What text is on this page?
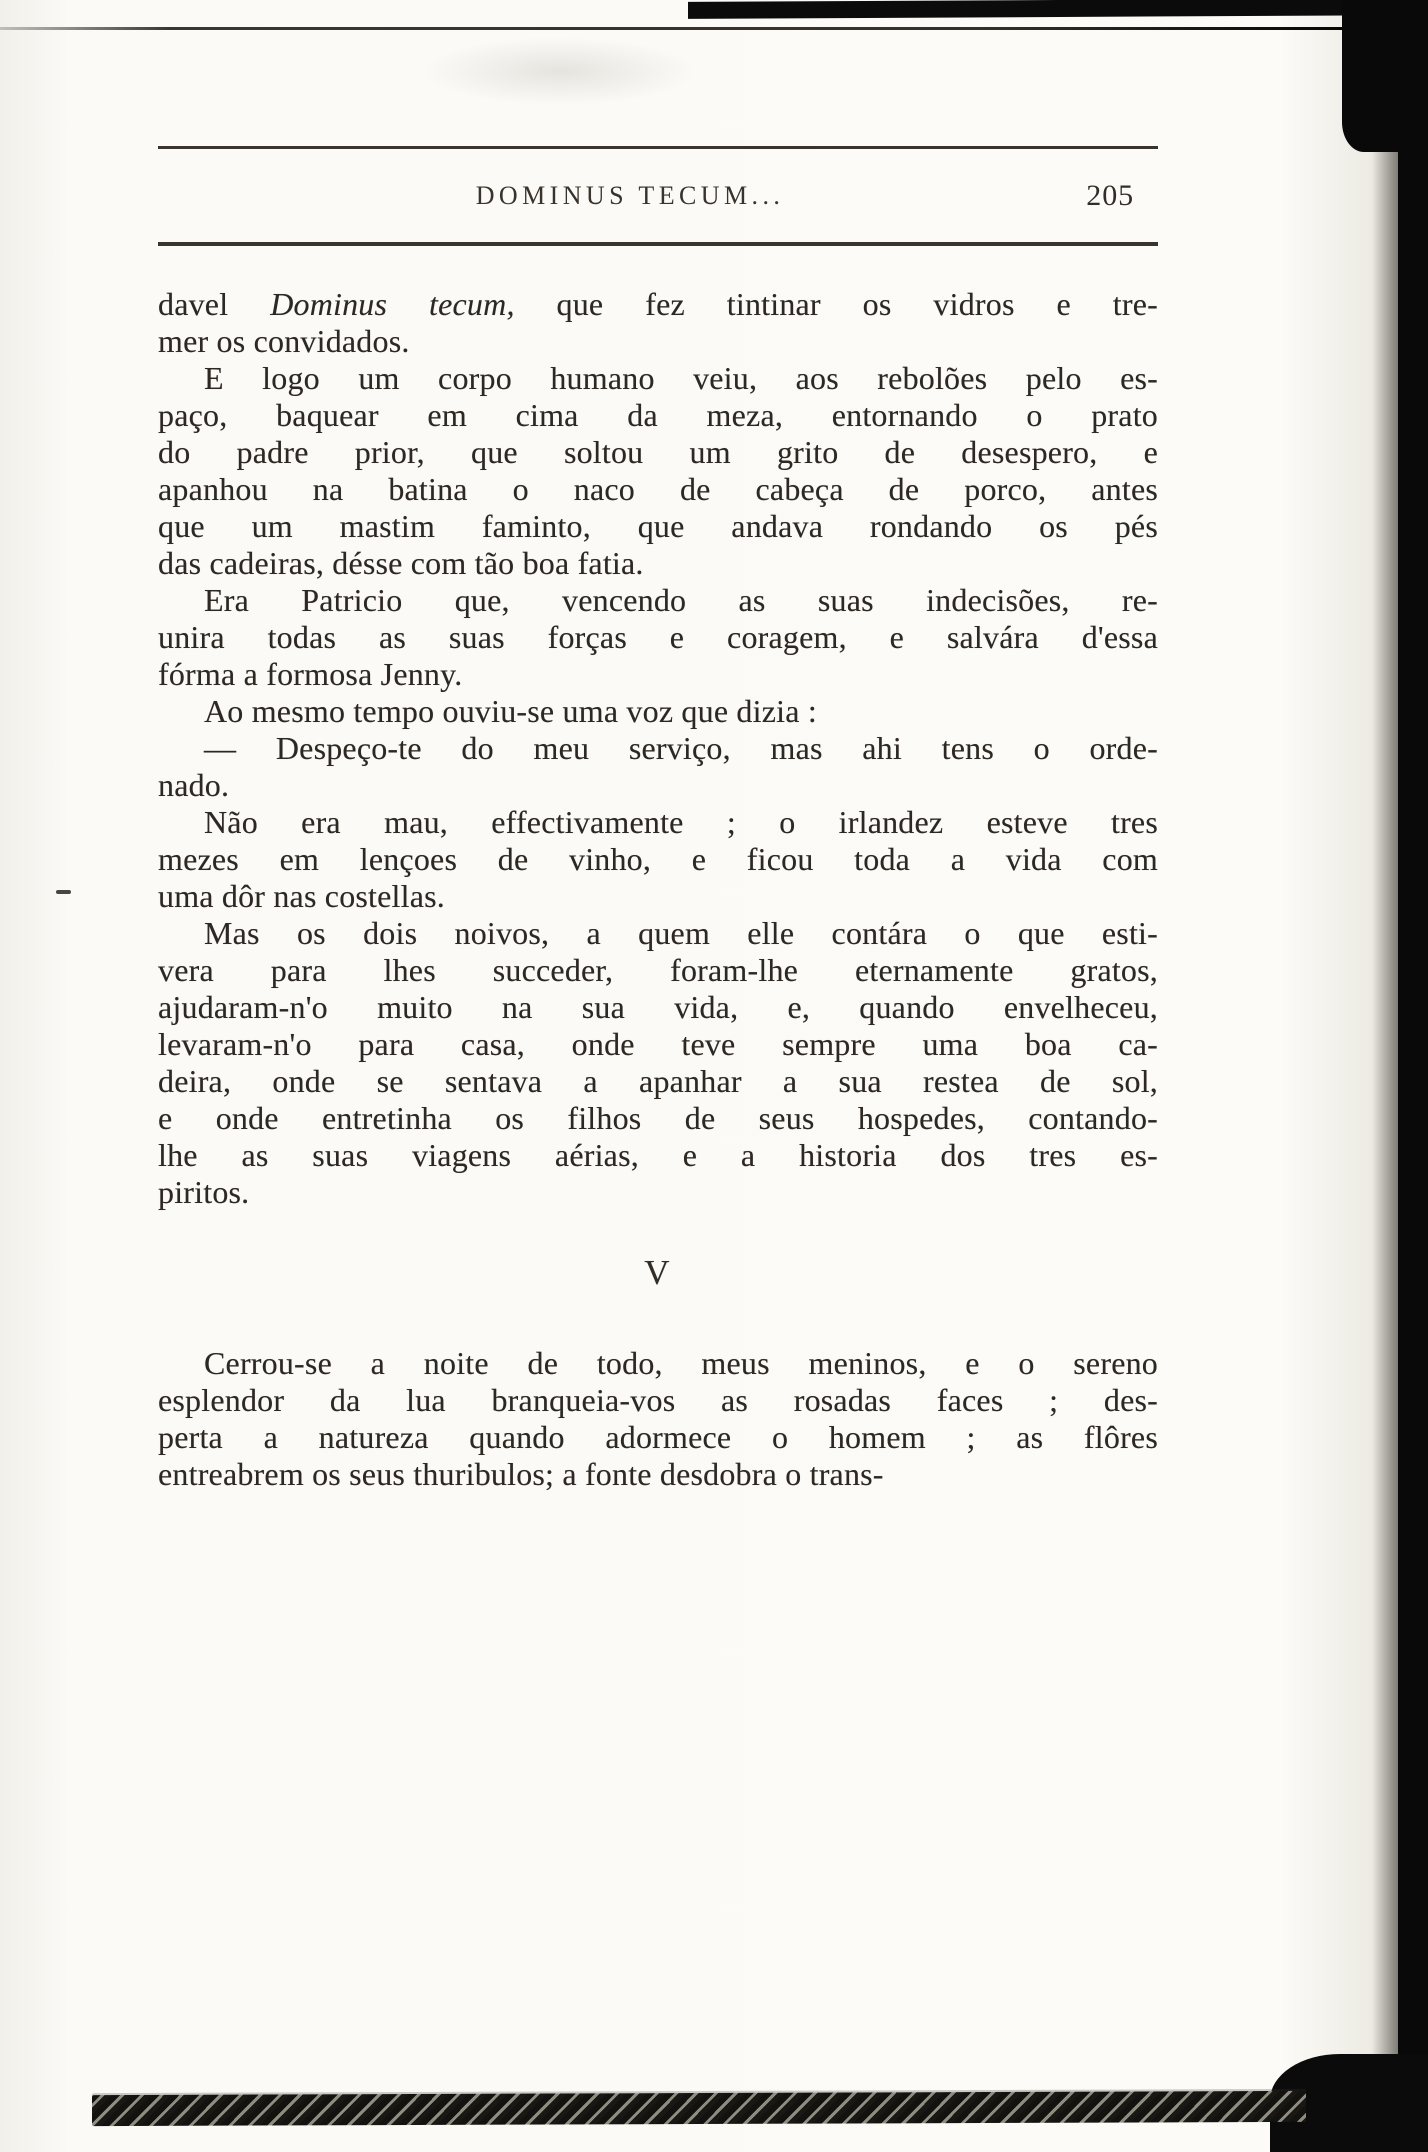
DOMINUS TECUM...	205
davel Dominus tecum, que fez tintinar os vidros e tre-
mer os convidados.
E logo um corpo humano veiu, aos rebolões pelo es-
paço, baquear em cima da meza, entornando o prato
do padre prior, que soltou um grito de desespero, e
apanhou na batina o naco de cabeça de porco, antes
que um mastim faminto, que andava rondando os pés
das cadeiras, désse com tão boa fatia.
Era Patricio que, vencendo as suas indecisões, re-
unira todas as suas forças e coragem, e salvára d'essa
fórma a formosa Jenny.
Ao mesmo tempo ouviu-se uma voz que dizia :
— Despeço-te do meu serviço, mas ahi tens o orde-
nado.
Não era mau, effectivamente ; o irlandez esteve tres
mezes em lençoes de vinho, e ficou toda a vida com
uma dôr nas costellas.
Mas os dois noivos, a quem elle contára o que esti-
vera para lhes succeder, foram-lhe eternamente gratos,
ajudaram-n'o muito na sua vida, e, quando envelheceu,
levaram-n'o para casa, onde teve sempre uma boa ca-
deira, onde se sentava a apanhar a sua restea de sol,
e onde entretinha os filhos de seus hospedes, contando-
lhe as suas viagens aérias, e a historia dos tres es-
piritos.
V
Cerrou-se a noite de todo, meus meninos, e o sereno
esplendor da lua branqueia-vos as rosadas faces ; des-
perta a natureza quando adormece o homem ; as flôres
entreabrem os seus thuribulos; a fonte desdobra o trans-
